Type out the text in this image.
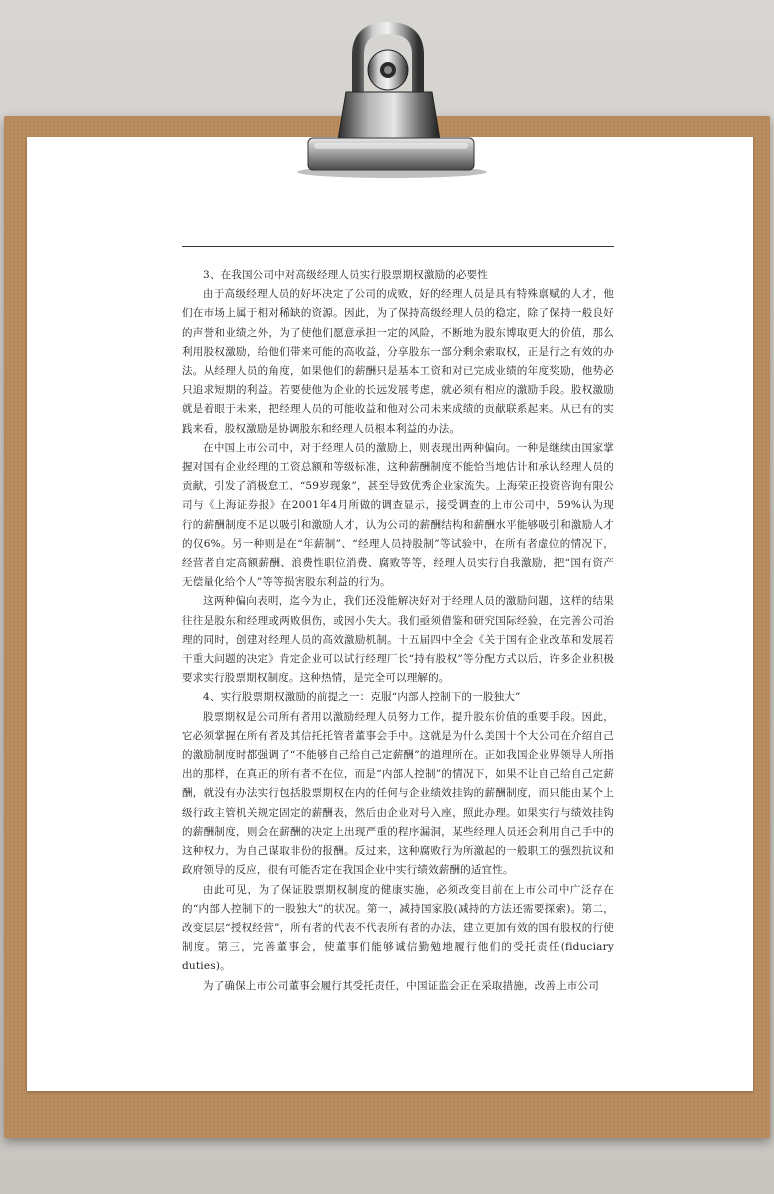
3、在我国公司中对高级经理人员实行股票期权激励的必要性

由于高级经理人员的好坏决定了公司的成败，好的经理人员是具有特殊禀赋的人才，他们在市场上属于相对稀缺的资源。因此，为了保持高级经理人员的稳定，除了保持一般良好的声誉和业绩之外，为了使他们愿意承担一定的风险，不断地为股东博取更大的价值，那么利用股权激励，给他们带来可能的高收益，分享股东一部分剩余索取权，正是行之有效的办法。从经理人员的角度，如果他们的薪酬只是基本工资和对已完成业绩的年度奖励，他势必只追求短期的利益。若要使他为企业的长远发展考虑，就必须有相应的激励手段。股权激励就是着眼于未来，把经理人员的可能收益和他对公司未来成绩的贡献联系起来。从已有的实践来看，股权激励是协调股东和经理人员根本利益的办法。

在中国上市公司中，对于经理人员的激励上，则表现出两种偏向。一种是继续由国家掌握对国有企业经理的工资总额和等级标准，这种薪酬制度不能恰当地估计和承认经理人员的贡献，引发了消极怠工、“59岁现象”，甚至导致优秀企业家流失。上海荣正投资咨询有限公司与《上海证券报》在2001年4月所做的调查显示，接受调查的上市公司中，59%认为现行的薪酬制度不足以吸引和激励人才，认为公司的薪酬结构和薪酬水平能够吸引和激励人才的仅6%。另一种则是在“年薪制”、“经理人员持股制”等试验中，在所有者虚位的情况下，经营者自定高额薪酬、浪费性职位消费、腐败等等，经理人员实行自我激励，把“国有资产无偿量化给个人”等等损害股东利益的行为。

这两种偏向表明，迄今为止，我们还没能解决好对于经理人员的激励问题，这样的结果往往是股东和经理或两败俱伤，或因小失大。我们亟须借鉴和研究国际经验，在完善公司治理的同时，创建对经理人员的高效激励机制。十五届四中全会《关于国有企业改革和发展若干重大问题的决定》肯定企业可以试行经理厂长“持有股权”等分配方式以后，许多企业积极要求实行股票期权制度。这种热情，是完全可以理解的。

4、实行股票期权激励的前提之一：克服“内部人控制下的一股独大”

股票期权是公司所有者用以激励经理人员努力工作，提升股东价值的重要手段。因此，它必须掌握在所有者及其信托托管者董事会手中。这就是为什么美国十个大公司在介绍自己的激励制度时都强调了“不能够自己给自己定薪酬”的道理所在。正如我国企业界领导人所指出的那样，在真正的所有者不在位，而是“内部人控制”的情况下，如果不让自己给自己定薪酬，就没有办法实行包括股票期权在内的任何与企业绩效挂钩的薪酬制度，而只能由某个上级行政主管机关规定固定的薪酬表，然后由企业对号入座，照此办理。如果实行与绩效挂钩的薪酬制度，则会在薪酬的决定上出现严重的程序漏洞，某些经理人员还会利用自己手中的这种权力，为自己谋取非份的报酬。反过来，这种腐败行为所激起的一般职工的强烈抗议和政府领导的反应，很有可能否定在我国企业中实行绩效薪酬的适宜性。

由此可见，为了保证股票期权制度的健康实施，必须改变目前在上市公司中广泛存在的“内部人控制下的一股独大”的状况。第一，减持国家股(减持的方法还需要探索)。第二，改变层层“授权经营”，所有者的代表不代表所有者的办法，建立更加有效的国有股权的行使制度。第三，完善董事会，使董事们能够诚信勤勉地履行他们的受托责任(fiduciary duties)。

为了确保上市公司董事会履行其受托责任，中国证监会正在采取措施，改善上市公司
